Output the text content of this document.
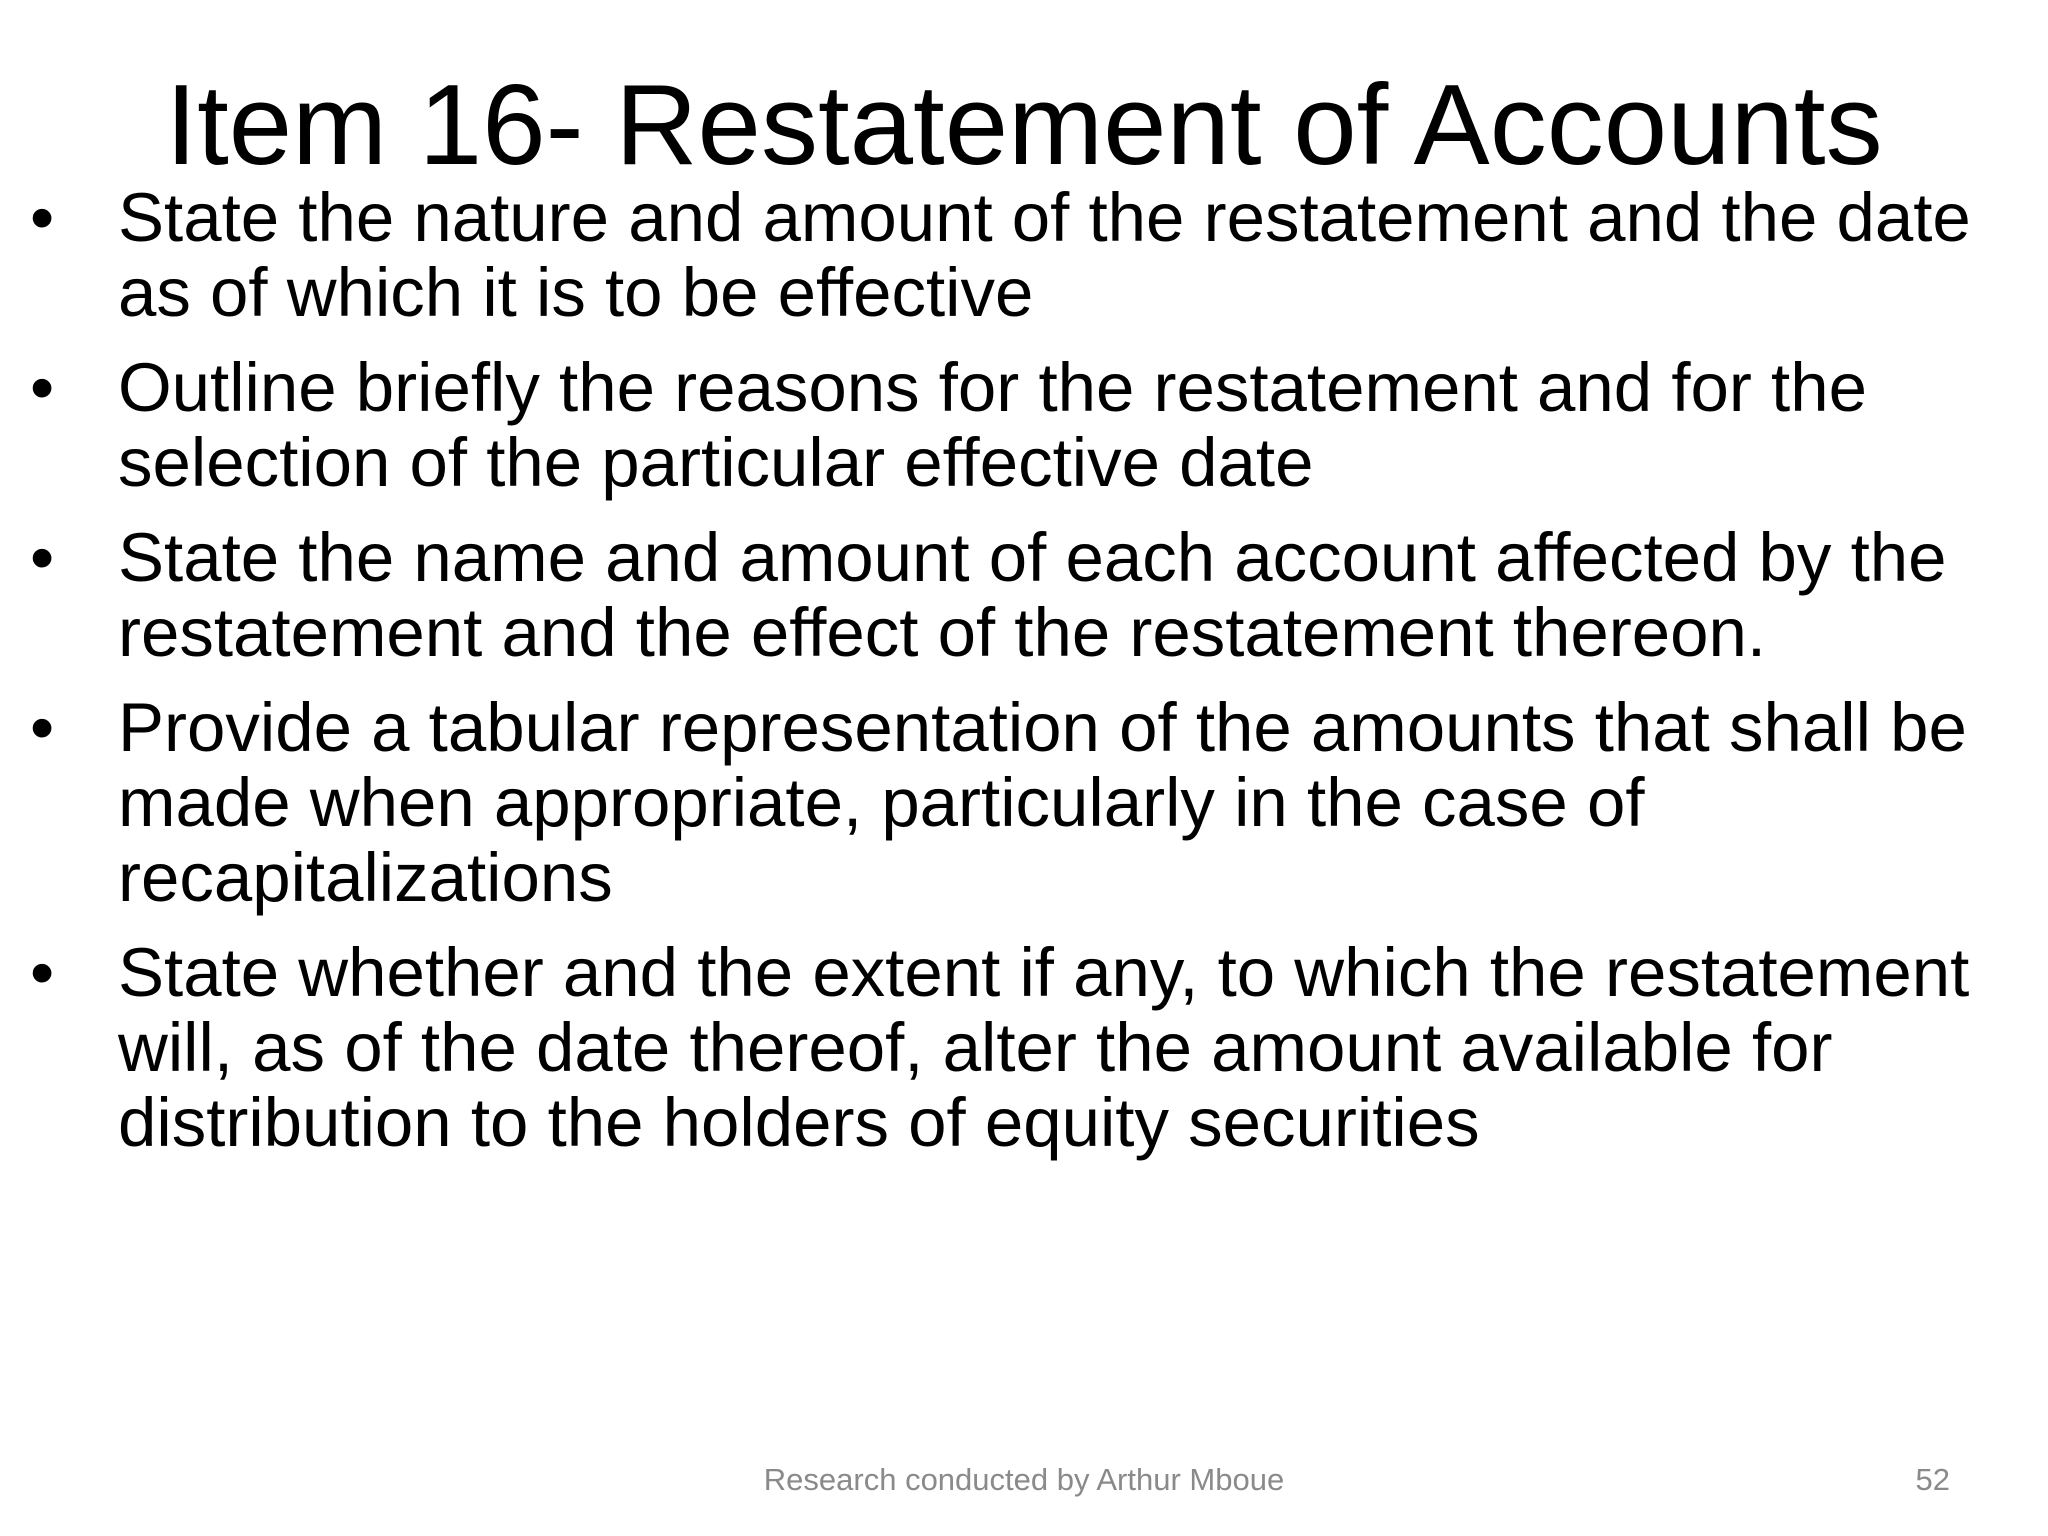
Item 16- Restatement of Accounts
• State the nature and amount of the restatement and the date as of which it is to be effective
• Outline briefly the reasons for the restatement and for the selection of the particular effective date
• State the name and amount of each account affected by the restatement and the effect of the restatement thereon.
• Provide a tabular representation of the amounts that shall be made when appropriate, particularly in the case of recapitalizations
• State whether and the extent if any, to which the restatement will, as of the date thereof, alter the amount available for distribution to the holders of equity securities
Research conducted by Arthur Mboue	52
